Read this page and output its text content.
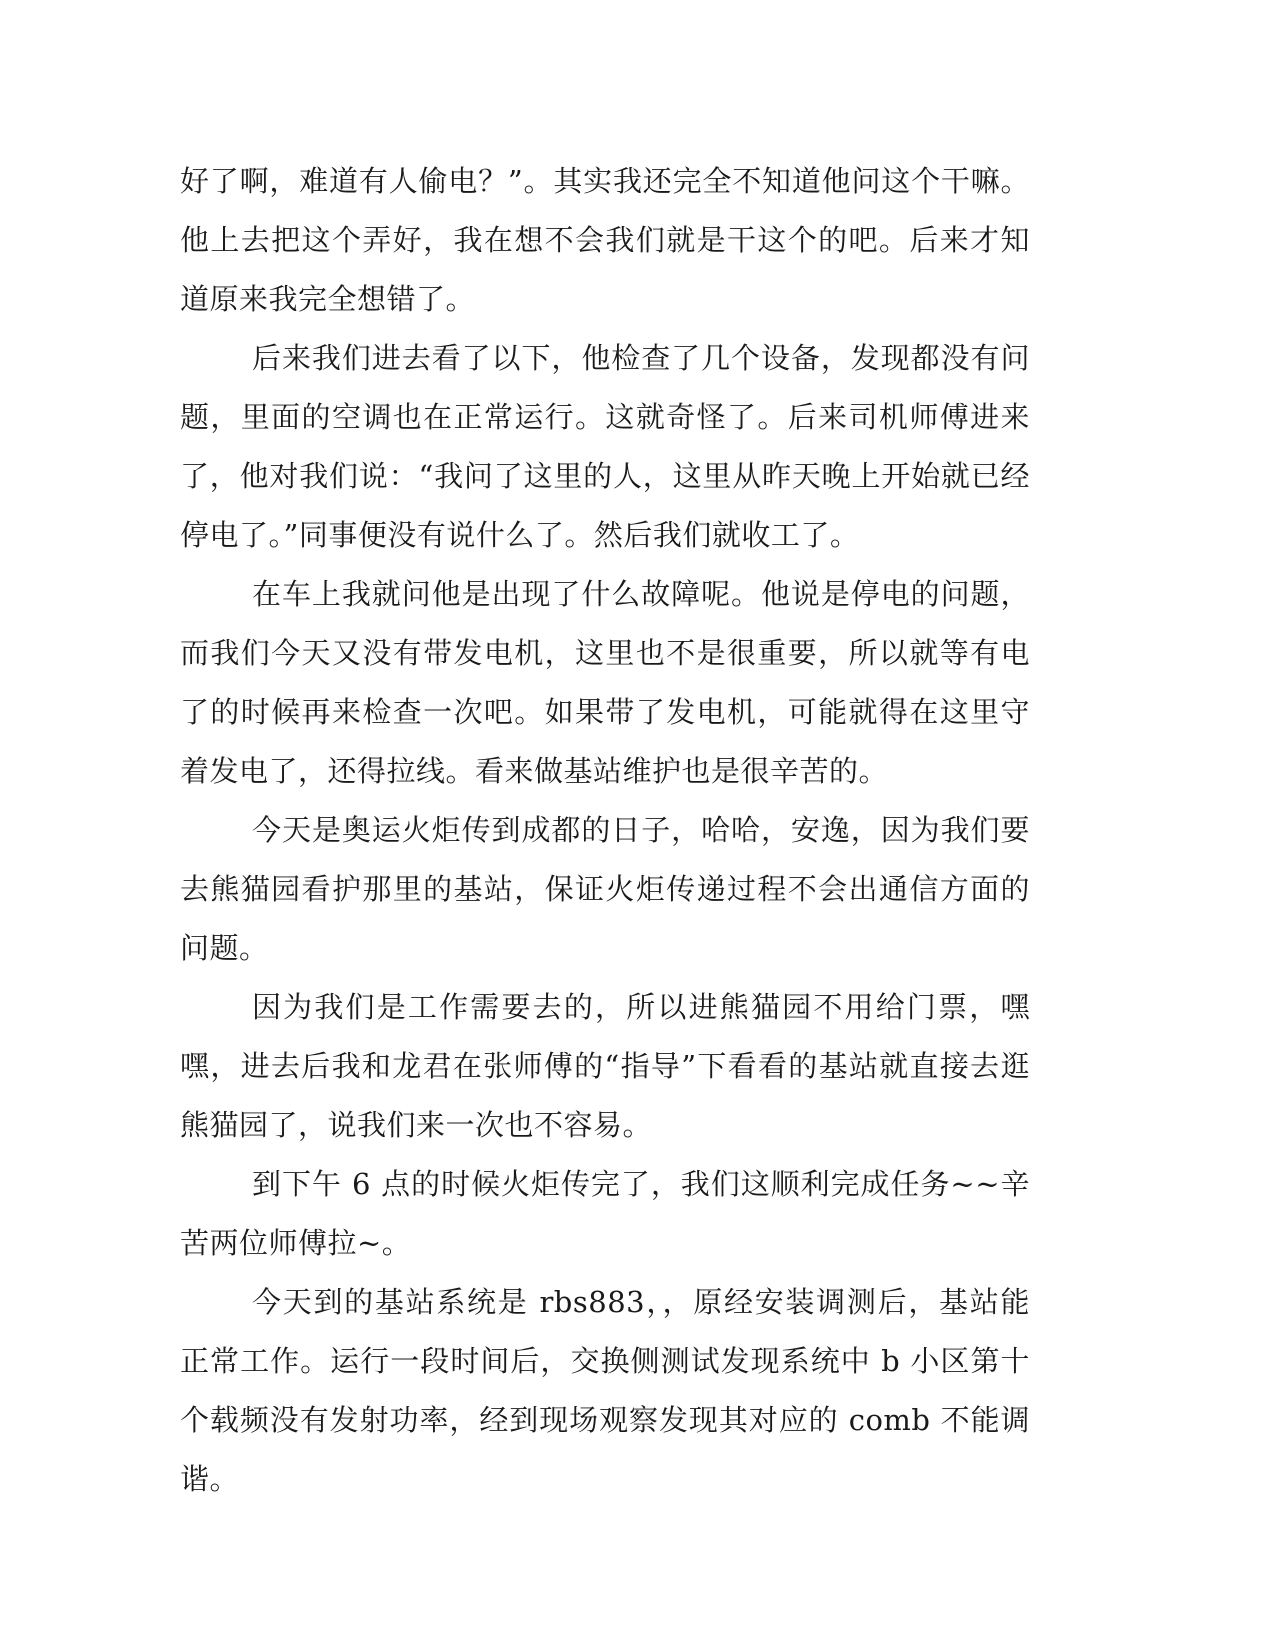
好了啊，难道有人偷电？”。其实我还完全不知道他问这个干嘛。他上去把这个弄好，我在想不会我们就是干这个的吧。后来才知道原来我完全想错了。

后来我们进去看了以下，他检查了几个设备，发现都没有问题，里面的空调也在正常运行。这就奇怪了。后来司机师傅进来了，他对我们说：“我问了这里的人，这里从昨天晚上开始就已经停电了。”同事便没有说什么了。然后我们就收工了。

在车上我就问他是出现了什么故障呢。他说是停电的问题，而我们今天又没有带发电机，这里也不是很重要，所以就等有电了的时候再来检查一次吧。如果带了发电机，可能就得在这里守着发电了，还得拉线。看来做基站维护也是很辛苦的。

今天是奥运火炬传到成都的日子，哈哈，安逸，因为我们要去熊猫园看护那里的基站，保证火炬传递过程不会出通信方面的问题。

因为我们是工作需要去的，所以进熊猫园不用给门票，嘿嘿，进去后我和龙君在张师傅的“指导”下看看的基站就直接去逛熊猫园了，说我们来一次也不容易。

到下午 6 点的时候火炬传完了，我们这顺利完成任务~~辛苦两位师傅拉~。

今天到的基站系统是 rbs883，，原经安装调测后，基站能正常工作。运行一段时间后，交换侧测试发现系统中 b 小区第十个载频没有发射功率，经到现场观察发现其对应的 comb 不能调谐。
